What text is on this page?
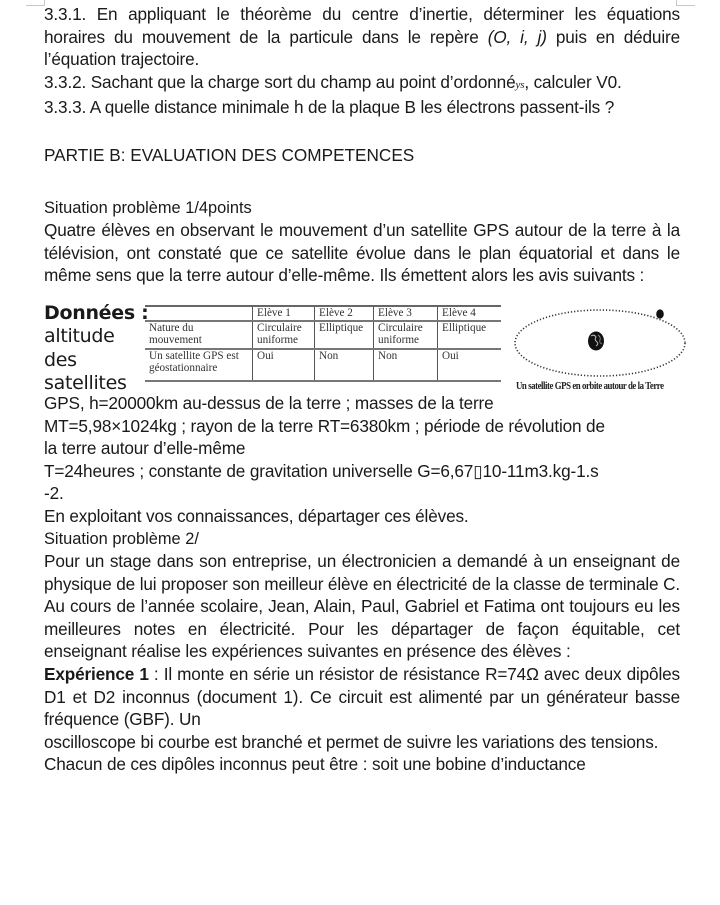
3.3.1. En appliquant le théorème du centre d’inertie, déterminer les équations horaires du mouvement de la particule dans le repère (O, i, j) puis en déduire l’équation trajectoire.

3.3.2. Sachant que la charge sort du champ au point d’ordonnéys, calculer V0.

3.3.3. A quelle distance minimale h de la plaque B les électrons passent-ils ?

PARTIE B: EVALUATION DES COMPETENCES

Situation problème 1/4points

Quatre élèves en observant le mouvement d’un satellite GPS autour de la terre à la télévision, ont constaté que ce satellite évolue dans le plan équatorial et dans le même sens que la terre autour d’elle-même. Ils émettent alors les avis suivants :

Données :
altitude
des
satellites
	Elève 1	Elève 2	Elève 3	Elève 4
Nature du mouvement	Circulaire uniforme	Elliptique	Circulaire uniforme	Elliptique
Un satellite GPS est géostationnaire	Oui	Non	Non	Oui
Un satellite GPS en orbite autour de la Terre

GPS, h=20000km au-dessus de la terre ; masses de la terre

MT=5,98×1024kg ; rayon de la terre RT=6380km ; période de révolution de

la terre autour d’elle-même

T=24heures ; constante de gravitation universelle G=6,67▯10-11m3.kg-1.s

-2.

En exploitant vos connaissances, départager ces élèves.

Situation problème 2/

Pour un stage dans son entreprise, un électronicien a demandé à un enseignant de physique de lui proposer son meilleur élève en électricité de la classe de terminale C. Au cours de l’année scolaire, Jean, Alain, Paul, Gabriel et Fatima ont toujours eu les meilleures notes en électricité. Pour les départager de façon équitable, cet enseignant réalise les expériences suivantes en présence des élèves :

Expérience 1 : Il monte en série un résistor de résistance R=74Ω avec deux dipôles D1 et D2 inconnus (document 1). Ce circuit est alimenté par un générateur basse fréquence (GBF). Un

oscilloscope bi courbe est branché et permet de suivre les variations des tensions.

Chacun de ces dipôles inconnus peut être : soit une bobine d’inductance
